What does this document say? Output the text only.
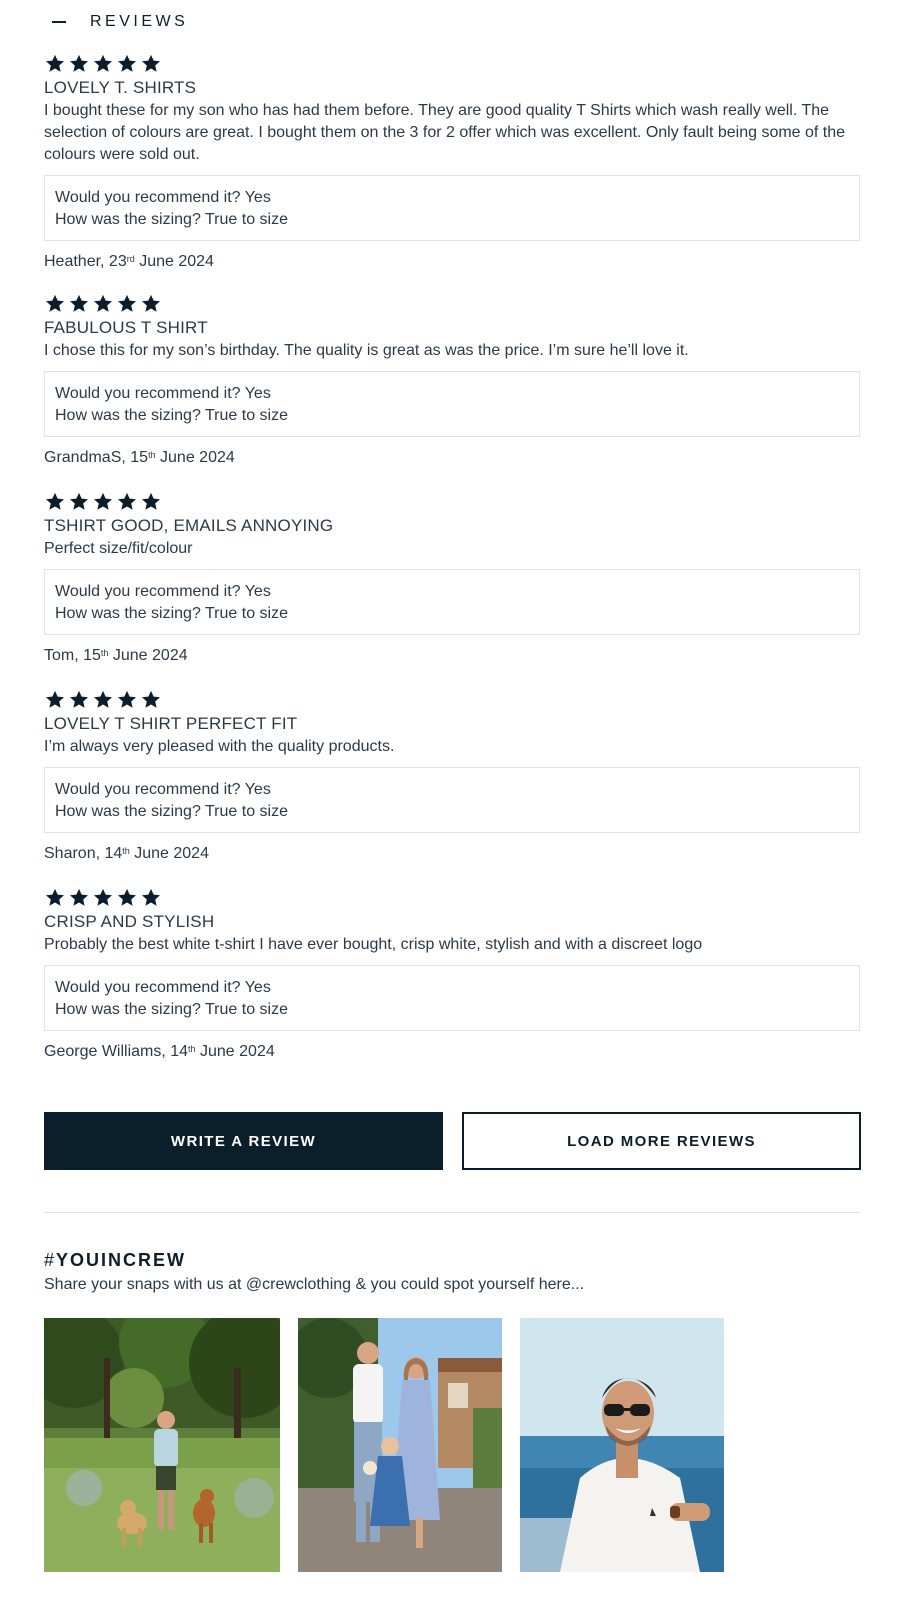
REVIEWS
LOVELY T. SHIRTS
I bought these for my son who has had them before. They are good quality T Shirts which wash really well. The selection of colours are great. I bought them on the 3 for 2 offer which was excellent. Only fault being some of the colours were sold out.
Would you recommend it? Yes
How was the sizing? True to size
Heather, 23rd June 2024
FABULOUS T SHIRT
I chose this for my son’s birthday. The quality is great as was the price. I’m sure he’ll love it.
Would you recommend it? Yes
How was the sizing? True to size
GrandmaS, 15th June 2024
TSHIRT GOOD, EMAILS ANNOYING
Perfect size/fit/colour
Would you recommend it? Yes
How was the sizing? True to size
Tom, 15th June 2024
LOVELY T SHIRT PERFECT FIT
I’m always very pleased with the quality products.
Would you recommend it? Yes
How was the sizing? True to size
Sharon, 14th June 2024
CRISP AND STYLISH
Probably the best white t-shirt I have ever bought, crisp white, stylish and with a discreet logo
Would you recommend it? Yes
How was the sizing? True to size
George Williams, 14th June 2024
WRITE A REVIEW	LOAD MORE REVIEWS
#YOUINCREW
Share your snaps with us at @crewclothing & you could spot yourself here...
